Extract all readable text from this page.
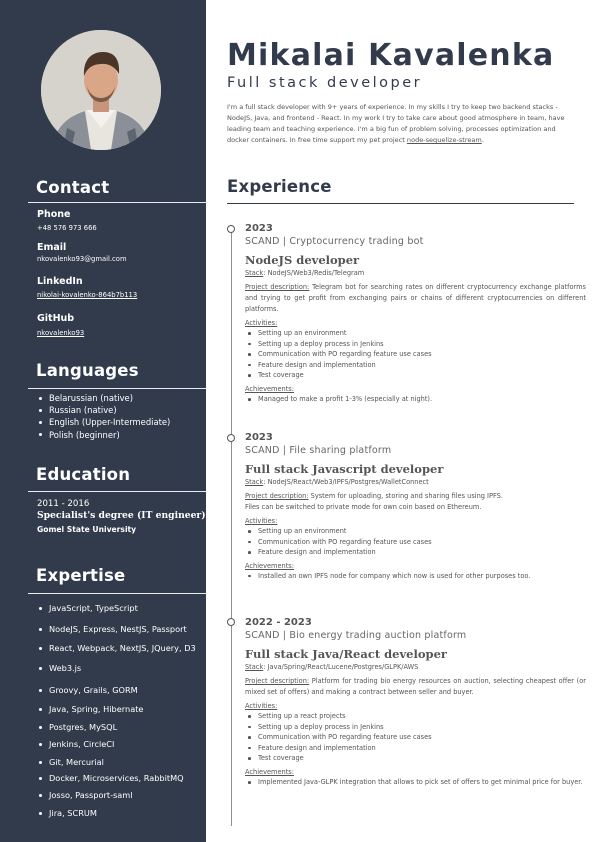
Contact
Phone
+48 576 973 666
Email
nkovalenko93@gmail.com
LinkedIn
nikolai-kovalenko-864b7b113
GitHub
nkovalenko93
Languages
Belarussian (native)
Russian (native)
English (Upper-Intermediate)
Polish (beginner)
Education
2011 - 2016
Specialist's degree (IT engineer)
Gomel State University
Expertise
JavaScript, TypeScript
NodeJS, Express, NestJS, Passport
React, Webpack, NextJS, JQuery, D3
Web3.js
Groovy, Grails, GORM
Java, Spring, Hibernate
Postgres, MySQL
Jenkins, CircleCI
Git, Mercurial
Docker, Microservices, RabbitMQ
Josso, Passport-saml
Jira, SCRUM
Mikalai Kavalenka
Full stack developer
I'm a full stack developer with 9+ years of experience. In my skills I try to keep two backend stacks - NodeJS, Java, and frontend - React. In my work I try to take care about good atmosphere in team, have leading team and teaching experience. I'm a big fun of problem solving, processes optimization and docker containers. In free time support my pet project node-sequelize-stream.
Experience
2023
SCAND | Cryptocurrency trading bot
NodeJS developer
Stack: NodeJS/Web3/Redis/Telegram
Project description: Telegram bot for searching rates on different cryptocurrency exchange platforms and trying to get profit from exchanging pairs or chains of different cryptocurrencies on different platforms.
Activities:
Setting up an environment
Setting up a deploy process in Jenkins
Communication with PO regarding feature use cases
Feature design and implementation
Test coverage
Achievements:
Managed to make a profit 1-3% (especially at night).
2023
SCAND | File sharing platform
Full stack Javascript developer
Stack: NodeJS/React/Web3/IPFS/Postgres/WalletConnect
Project description: System for uploading, storing and sharing files using IPFS.
Files can be switched to private mode for own coin based on Ethereum.
Activities:
Setting up an environment
Communication with PO regarding feature use cases
Feature design and implementation
Achievements:
Installed an own IPFS node for company which now is used for other purposes too.
2022 - 2023
SCAND | Bio energy trading auction platform
Full stack Java/React developer
Stack: Java/Spring/React/Lucene/Postgres/GLPK/AWS
Project description: Platform for trading bio energy resources on auction, selecting cheapest offer (or mixed set of offers) and making a contract between seller and buyer.
Activities:
Setting up a react projects
Setting up a deploy process in Jenkins
Communication with PO regarding feature use cases
Feature design and implementation
Test coverage
Achievements:
Implemented Java-GLPK integration that allows to pick set of offers to get minimal price for buyer.
